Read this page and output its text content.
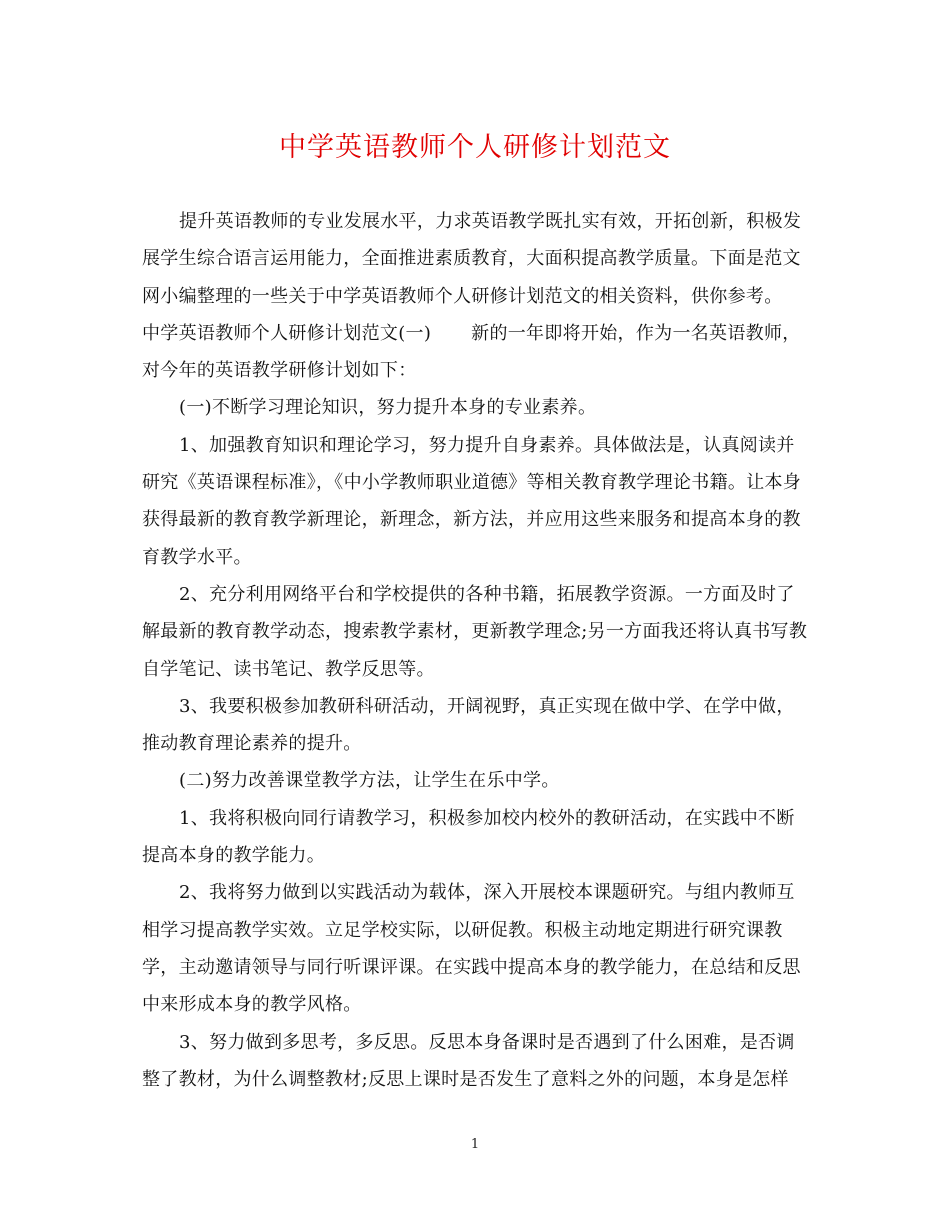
中学英语教师个人研修计划范文

提升英语教师的专业发展水平，力求英语教学既扎实有效，开拓创新，积极发展学生综合语言运用能力，全面推进素质教育，大面积提高教学质量。下面是范文网小编整理的一些关于中学英语教师个人研修计划范文的相关资料，供你参考。

中学英语教师个人研修计划范文(一) 新的一年即将开始，作为一名英语教师，对今年的英语教学研修计划如下：

(一)不断学习理论知识，努力提升本身的专业素养。

1、加强教育知识和理论学习，努力提升自身素养。具体做法是，认真阅读并研究《英语课程标准》，《中小学教师职业道德》等相关教育教学理论书籍。让本身获得最新的教育教学新理论，新理念，新方法，并应用这些来服务和提高本身的教育教学水平。

2、充分利用网络平台和学校提供的各种书籍，拓展教学资源。一方面及时了解最新的教育教学动态，搜索教学素材，更新教学理念;另一方面我还将认真书写教自学笔记、读书笔记、教学反思等。

3、我要积极参加教研科研活动，开阔视野，真正实现在做中学、在学中做，推动教育理论素养的提升。

(二)努力改善课堂教学方法，让学生在乐中学。

1、我将积极向同行请教学习，积极参加校内校外的教研活动，在实践中不断提高本身的教学能力。

2、我将努力做到以实践活动为载体，深入开展校本课题研究。与组内教师互相学习提高教学实效。立足学校实际，以研促教。积极主动地定期进行研究课教学，主动邀请领导与同行听课评课。在实践中提高本身的教学能力，在总结和反思中来形成本身的教学风格。

3、努力做到多思考，多反思。反思本身备课时是否遇到了什么困难，是否调整了教材，为什么调整教材;反思上课时是否发生了意料之外的问题，本身是怎样

1
